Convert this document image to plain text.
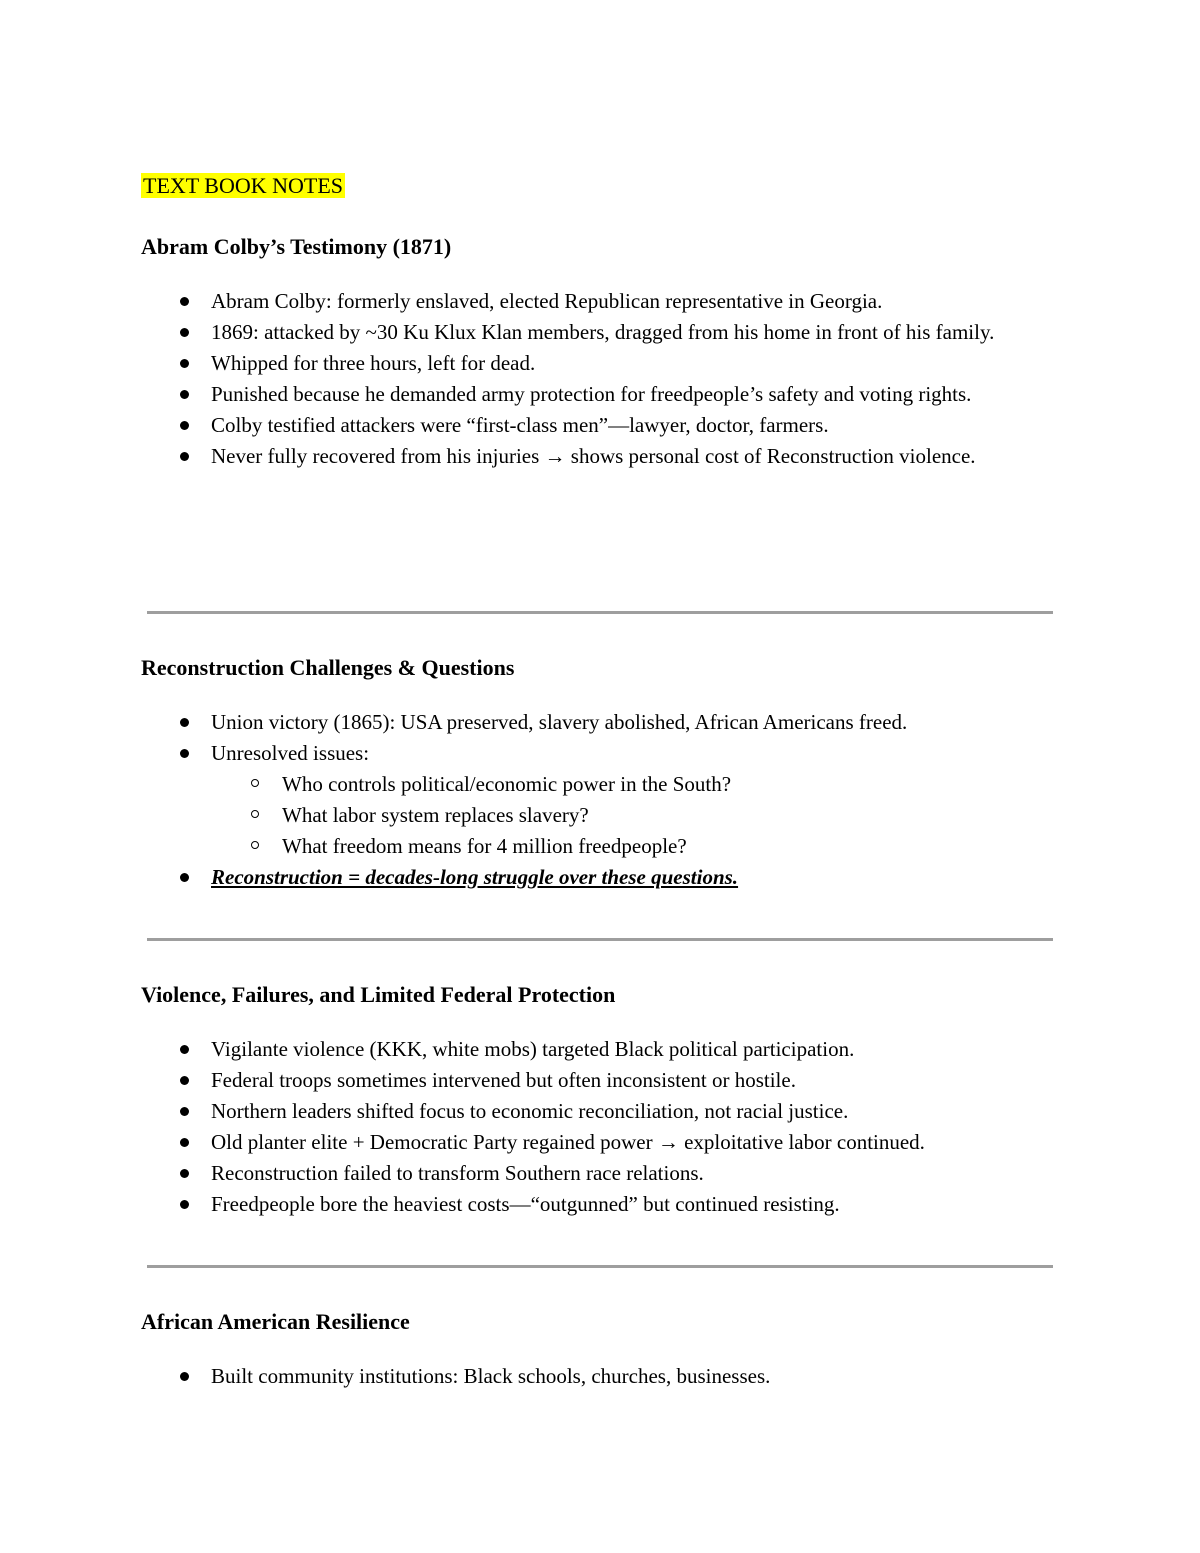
TEXT BOOK NOTES
Abram Colby’s Testimony (1871)
Abram Colby: formerly enslaved, elected Republican representative in Georgia.
1869: attacked by ~30 Ku Klux Klan members, dragged from his home in front of his family.
Whipped for three hours, left for dead.
Punished because he demanded army protection for freedpeople’s safety and voting rights.
Colby testified attackers were “first-class men”—lawyer, doctor, farmers.
Never fully recovered from his injuries → shows personal cost of Reconstruction violence.
Reconstruction Challenges & Questions
Union victory (1865): USA preserved, slavery abolished, African Americans freed.
Unresolved issues:
Who controls political/economic power in the South?
What labor system replaces slavery?
What freedom means for 4 million freedpeople?
Reconstruction = decades-long struggle over these questions.
Violence, Failures, and Limited Federal Protection
Vigilante violence (KKK, white mobs) targeted Black political participation.
Federal troops sometimes intervened but often inconsistent or hostile.
Northern leaders shifted focus to economic reconciliation, not racial justice.
Old planter elite + Democratic Party regained power → exploitative labor continued.
Reconstruction failed to transform Southern race relations.
Freedpeople bore the heaviest costs—“outgunned” but continued resisting.
African American Resilience
Built community institutions: Black schools, churches, businesses.
